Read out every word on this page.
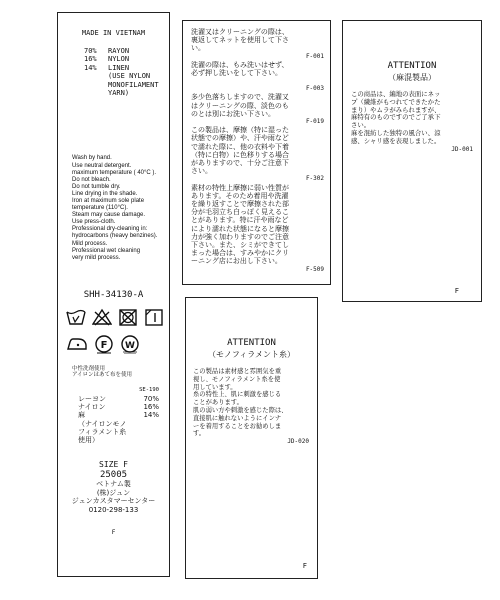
MADE IN VIETNAM
70% RAYON
16% NYLON
14% LINEN
(USE NYLON
MONOFILAMENT
YARN)
Wash by hand.
Use neutral detergent.
maximum temperature ( 40°C ).
Do not bleach.
Do not tumble dry.
Line drying in the shade.
Iron at maximum sole plate
temperature (110°C).
Steam may cause damage.
Use press-cloth.
Professional dry-cleaning in:
hydrocarbons (heavy benzines).
Mild process.
Professional wet cleaning
very mild process.
SHH-34130-A
F W
中性洗剤使用
アイロンはあて布を使用
SE-190
レーヨン	70%
ナイロン	16%
麻	14%
（ナイロンモノ
フィラメント糸
使用）
SIZE F
25005
ベトナム製
(株)ジュン
ジュンカスタマーセンター
0120-298-133
F
洗濯又はクリーニングの際は、
裏返してネットを使用して下さ
い。
F-001
洗濯の際は、もみ洗いはせず、
必ず押し洗いをして下さい。
F-003
多少色落ちしますので、洗濯又
はクリーニングの際、淡色のも
のとは別にお洗い下さい。
F-019
この製品は、摩擦（特に湿った
状態での摩擦）や、汗や雨など
で濡れた際に、他の衣料や下着
（特に白物）に色移りする場合
がありますので、十分ご注意下
さい。
F-302
素材の特性上摩擦に弱い性質が
あります。そのため着用や洗濯
を繰り返すことで摩擦された部
分が毛羽立ち白っぽく見えるこ
とがあります。特に汗や雨など
により濡れた状態になると摩擦
力が強く加わりますのでご注意
下さい。また、シミができてし
まった場合は、すみやかにクリ
ーニング店にお出し下さい。
F-509
ATTENTION
（麻混製品）
この商品は、編地の表面にネッ
プ（繊維がもつれてできたかた
まり）やムラがみられますが、
麻特有のものですのでご了承下
さい。
麻を混紡した独特の風合い、涼
感、シャリ感を表現しました。
JD-001
F
ATTENTION
（モノフィラメント糸）
この製品は素材感と雰囲気を重
視し、モノフィラメント糸を使
用しています。
糸の特性上、肌に刺激を感じる
ことがあります。
肌の弱い方や刺激を感じた際は、
直接肌に触れないようにインナ
ーを着用することをお勧めしま
す。
JD-020
F
